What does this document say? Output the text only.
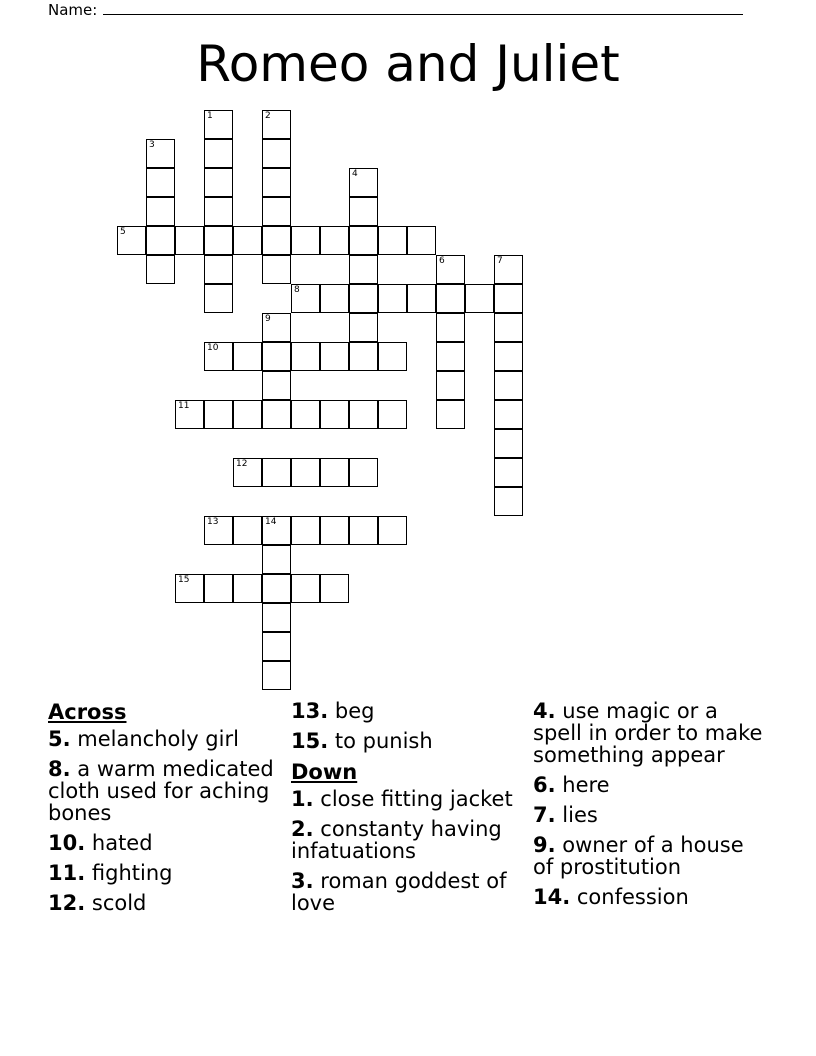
Name:
Romeo and Juliet
1	2
3
4
5
6	7
8
9
10
11
12
13	14
15
Across
5. melancholy girl
8. a warm medicated cloth used for aching bones
10. hated
11. fighting
12. scold
13. beg
15. to punish
Down
1. close fitting jacket
2. constanty having infatuations
3. roman goddest of love
4. use magic or a spell in order to make something appear
6. here
7. lies
9. owner of a house of prostitution
14. confession
